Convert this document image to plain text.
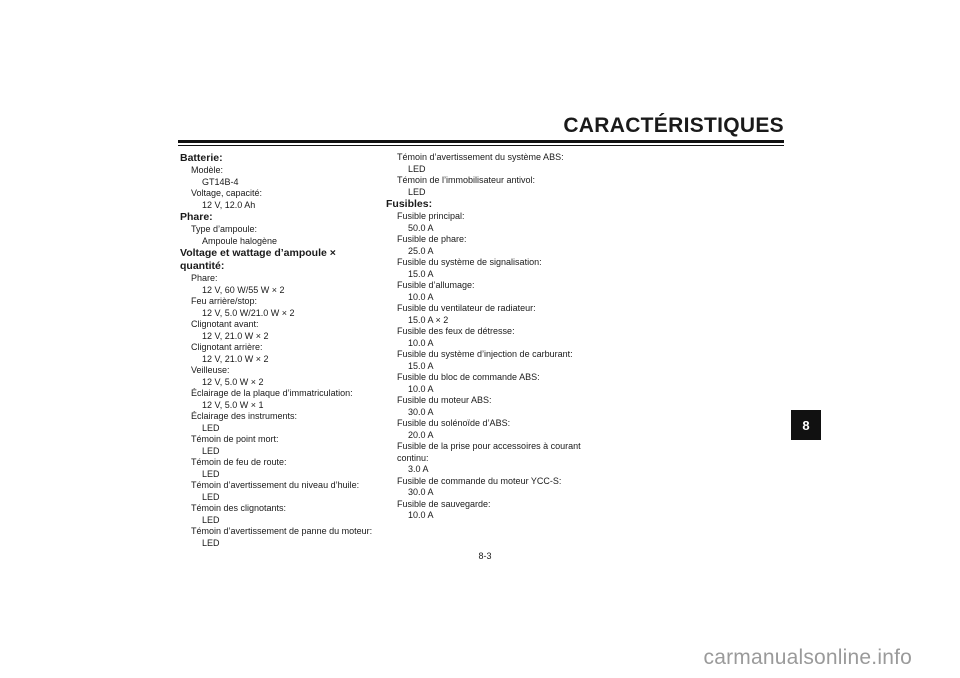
CARACTÉRISTIQUES
Batterie:
Modèle:
GT14B-4
Voltage, capacité:
12 V, 12.0 Ah
Phare:
Type d’ampoule:
Ampoule halogène
Voltage et wattage d’ampoule × quantité:
Phare:
12 V, 60 W/55 W × 2
Feu arrière/stop:
12 V, 5.0 W/21.0 W × 2
Clignotant avant:
12 V, 21.0 W × 2
Clignotant arrière:
12 V, 21.0 W × 2
Veilleuse:
12 V, 5.0 W × 2
Éclairage de la plaque d’immatriculation:
12 V, 5.0 W × 1
Éclairage des instruments:
LED
Témoin de point mort:
LED
Témoin de feu de route:
LED
Témoin d’avertissement du niveau d’huile:
LED
Témoin des clignotants:
LED
Témoin d’avertissement de panne du moteur:
LED
Témoin d’avertissement du système ABS:
LED
Témoin de l’immobilisateur antivol:
LED
Fusibles:
Fusible principal:
50.0 A
Fusible de phare:
25.0 A
Fusible du système de signalisation:
15.0 A
Fusible d’allumage:
10.0 A
Fusible du ventilateur de radiateur:
15.0 A × 2
Fusible des feux de détresse:
10.0 A
Fusible du système d’injection de carburant:
15.0 A
Fusible du bloc de commande ABS:
10.0 A
Fusible du moteur ABS:
30.0 A
Fusible du solénoïde d’ABS:
20.0 A
Fusible de la prise pour accessoires à courant
continu:
3.0 A
Fusible de commande du moteur YCC-S:
30.0 A
Fusible de sauvegarde:
10.0 A
8
8-3
carmanualsonline.info
